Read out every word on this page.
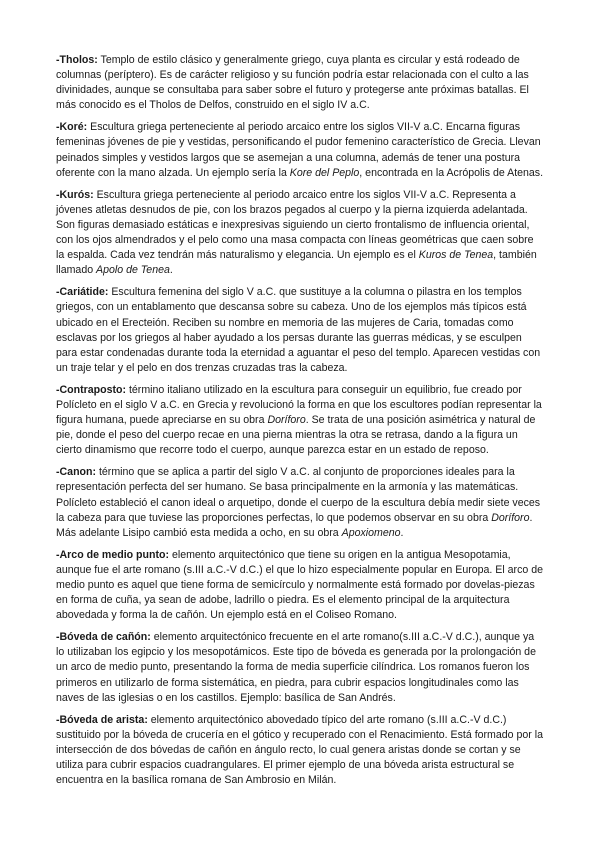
-Tholos: Templo de estilo clásico y generalmente griego, cuya planta es circular y está rodeado de columnas (períptero). Es de carácter religioso y su función podría estar relacionada con el culto a las divinidades, aunque se consultaba para saber sobre el futuro y protegerse ante próximas batallas. El más conocido es el Tholos de Delfos, construido en el siglo IV a.C.

-Koré: Escultura griega perteneciente al periodo arcaico entre los siglos VII-V a.C. Encarna figuras femeninas jóvenes de pie y vestidas, personificando el pudor femenino característico de Grecia. Llevan peinados simples y vestidos largos que se asemejan a una columna, además de tener una postura oferente con la mano alzada. Un ejemplo sería la Kore del Peplo, encontrada en la Acrópolis de Atenas.

-Kurós: Escultura griega perteneciente al periodo arcaico entre los siglos VII-V a.C. Representa a jóvenes atletas desnudos de pie, con los brazos pegados al cuerpo y la pierna izquierda adelantada. Son figuras demasiado estáticas e inexpresivas siguiendo un cierto frontalismo de influencia oriental, con los ojos almendrados y el pelo como una masa compacta con líneas geométricas que caen sobre la espalda. Cada vez tendrán más naturalismo y elegancia. Un ejemplo es el Kuros de Tenea, también llamado Apolo de Tenea.

-Cariátide: Escultura femenina del siglo V a.C. que sustituye a la columna o pilastra en los templos griegos, con un entablamento que descansa sobre su cabeza. Uno de los ejemplos más típicos está ubicado en el Erecteión. Reciben su nombre en memoria de las mujeres de Caria, tomadas como esclavas por los griegos al haber ayudado a los persas durante las guerras médicas, y se esculpen para estar condenadas durante toda la eternidad a aguantar el peso del templo. Aparecen vestidas con un traje telar y el pelo en dos trenzas cruzadas tras la cabeza.

-Contraposto: término italiano utilizado en la escultura para conseguir un equilibrio, fue creado por Polícleto en el siglo V a.C. en Grecia y revolucionó la forma en que los escultores podían representar la figura humana, puede apreciarse en su obra Doríforo. Se trata de una posición asimétrica y natural de pie, donde el peso del cuerpo recae en una pierna mientras la otra se retrasa, dando a la figura un cierto dinamismo que recorre todo el cuerpo, aunque parezca estar en un estado de reposo.

-Canon: término que se aplica a partir del siglo V a.C. al conjunto de proporciones ideales para la representación perfecta del ser humano. Se basa principalmente en la armonía y las matemáticas. Polícleto estableció el canon ideal o arquetipo, donde el cuerpo de la escultura debía medir siete veces la cabeza para que tuviese las proporciones perfectas, lo que podemos observar en su obra Doríforo. Más adelante Lisipo cambió esta medida a ocho, en su obra Apoxiomeno.

-Arco de medio punto: elemento arquitectónico que tiene su origen en la antigua Mesopotamia, aunque fue el arte romano (s.III a.C.-V d.C.) el que lo hizo especialmente popular en Europa. El arco de medio punto es aquel que tiene forma de semicírculo y normalmente está formado por dovelas-piezas en forma de cuña, ya sean de adobe, ladrillo o piedra. Es el elemento principal de la arquitectura abovedada y forma la de cañón. Un ejemplo está en el Coliseo Romano.

-Bóveda de cañón: elemento arquitectónico frecuente en el arte romano(s.III a.C.-V d.C.), aunque ya lo utilizaban los egipcio y los mesopotámicos. Este tipo de bóveda es generada por la prolongación de un arco de medio punto, presentando la forma de media superficie cilíndrica. Los romanos fueron los primeros en utilizarlo de forma sistemática, en piedra, para cubrir espacios longitudinales como las naves de las iglesias o en los castillos. Ejemplo: basílica de San Andrés.

-Bóveda de arista: elemento arquitectónico abovedado típico del arte romano (s.III a.C.-V d.C.) sustituido por la bóveda de crucería en el gótico y recuperado con el Renacimiento. Está formado por la intersección de dos bóvedas de cañón en ángulo recto, lo cual genera aristas donde se cortan y se utiliza para cubrir espacios cuadrangulares. El primer ejemplo de una bóveda arista estructural se encuentra en la basílica romana de San Ambrosio en Milán.
